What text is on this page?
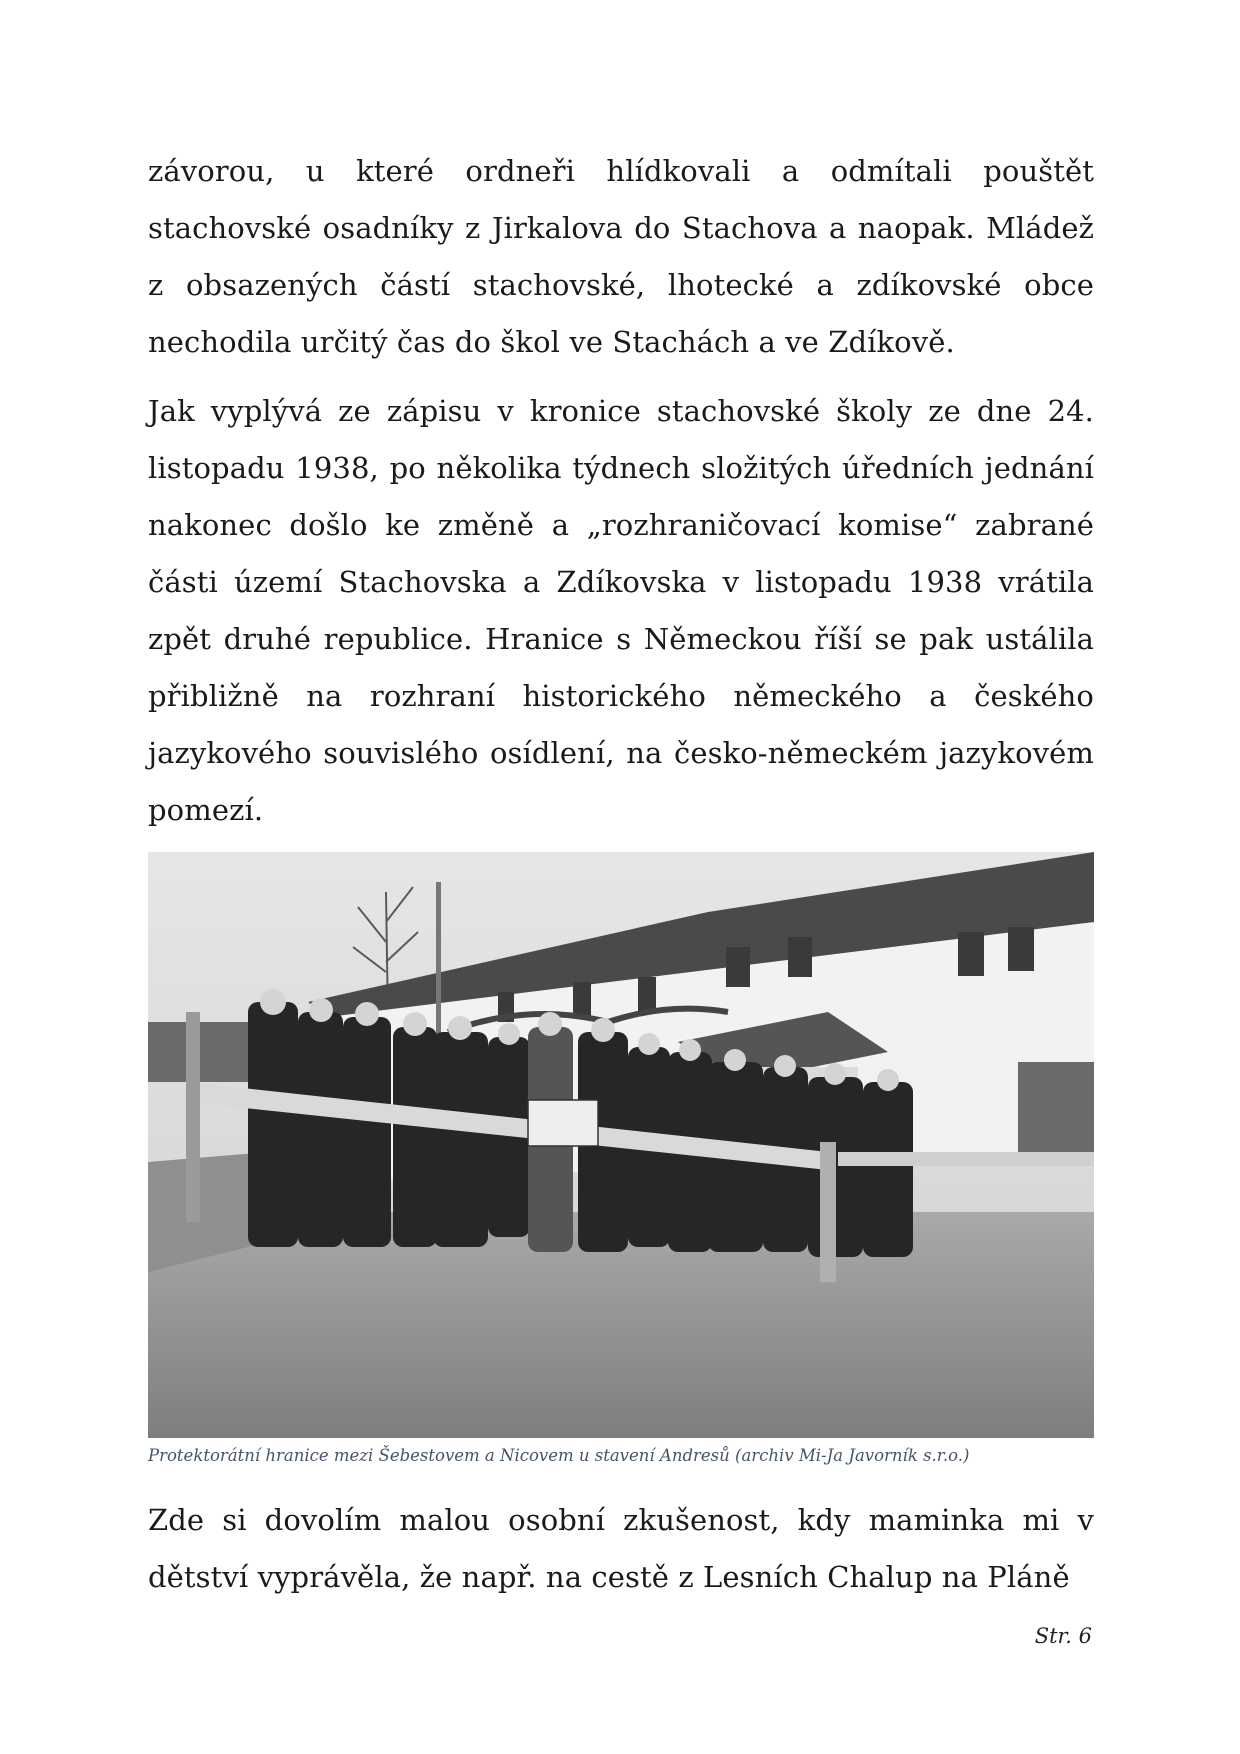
závorou, u které ordneři hlídkovali a odmítali pouštět stachovské osadníky z Jirkalova do Stachova a naopak. Mládež z obsazených částí stachovské, lhotecké a zdíkovské obce nechodila určitý čas do škol ve Stachách a ve Zdíkově.

Jak vyplývá ze zápisu v kronice stachovské školy ze dne 24. listopadu 1938, po několika týdnech složitých úředních jednání nakonec došlo ke změně a „rozhraničovací komise“ zabrané části území Stachovska a Zdíkovska v listopadu 1938 vrátila zpět druhé republice. Hranice s Německou říší se pak ustálila přibližně na rozhraní historického německého a českého jazykového souvislého osídlení, na česko-německém jazykovém pomezí.

Protektorátní hranice mezi Šebestovem a Nicovem u stavení Andresů (archiv Mi-Ja Javorník s.r.o.)

Zde si dovolím malou osobní zkušenost, kdy maminka mi v dětství vyprávěla, že např. na cestě z Lesních Chalup na Pláně

Str. 6
